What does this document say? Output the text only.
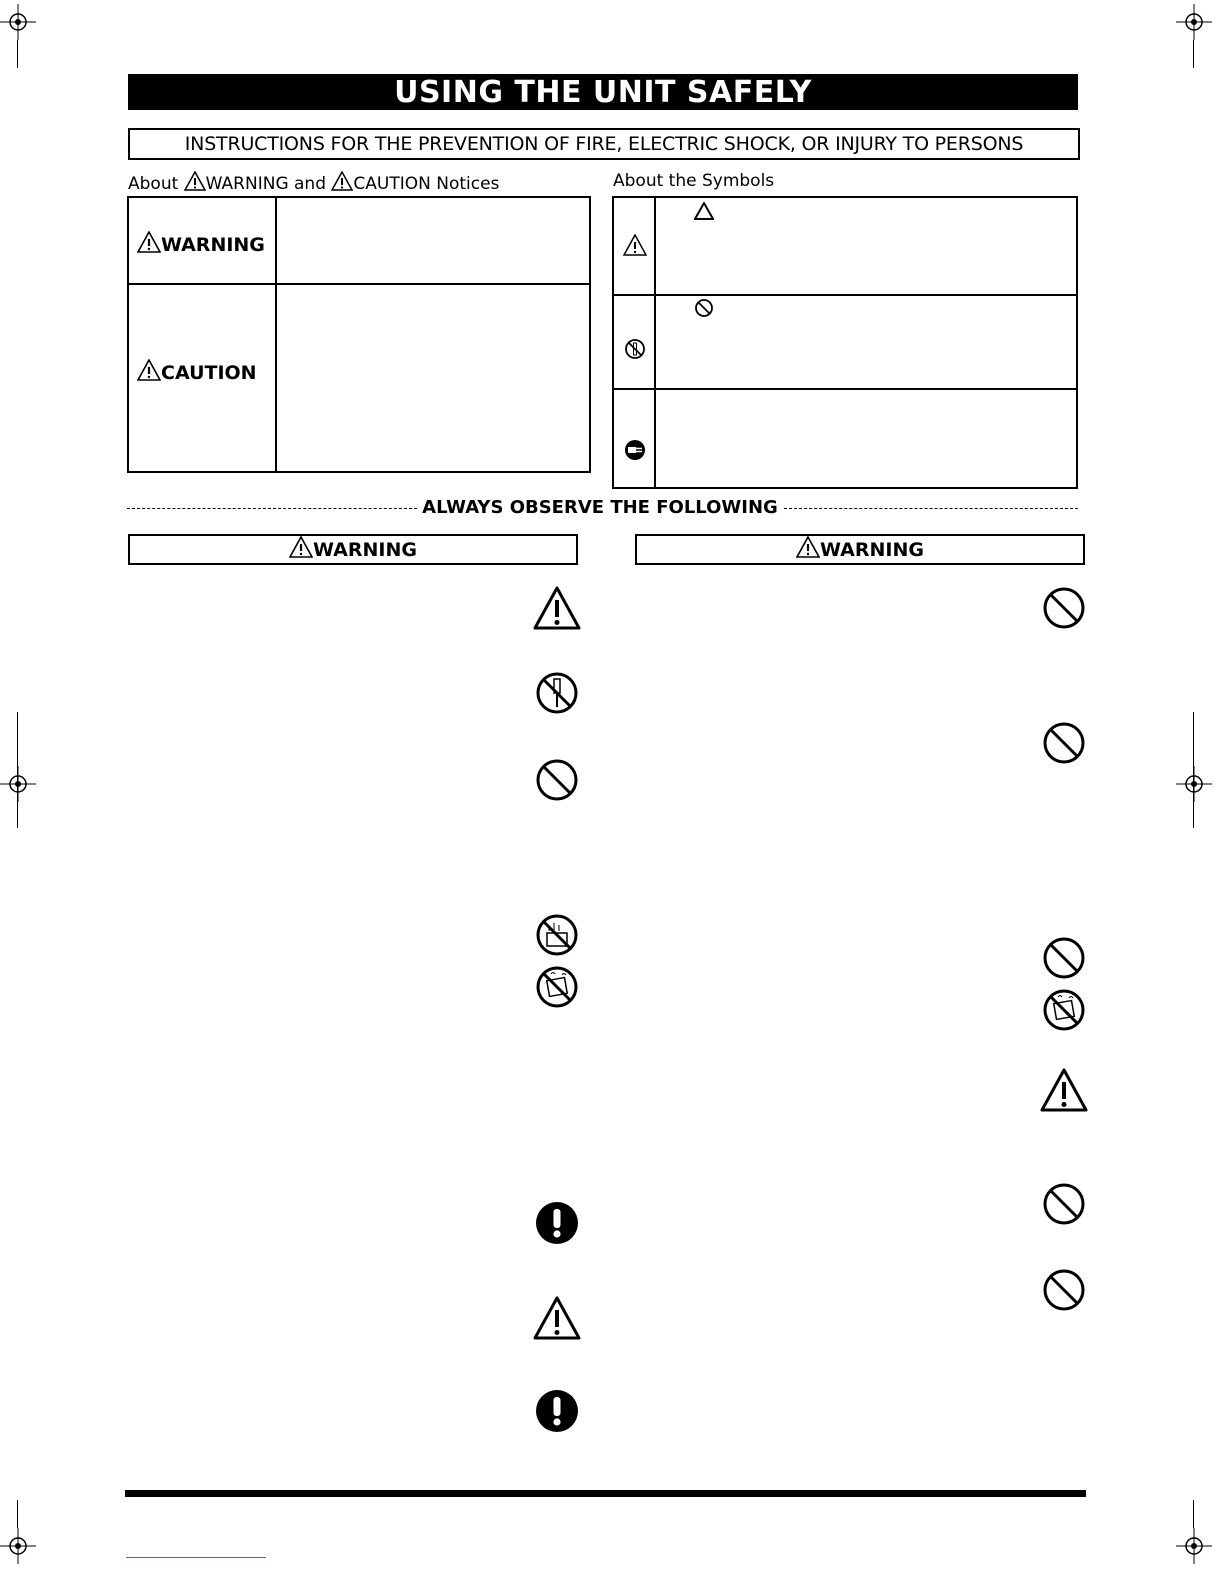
USING THE UNIT SAFELY
INSTRUCTIONS FOR THE PREVENTION OF FIRE, ELECTRIC SHOCK, OR INJURY TO PERSONS
About WARNING and CAUTION Notices
WARNING
CAUTION
About the Symbols
ALWAYS OBSERVE THE FOLLOWING
WARNING	WARNING
